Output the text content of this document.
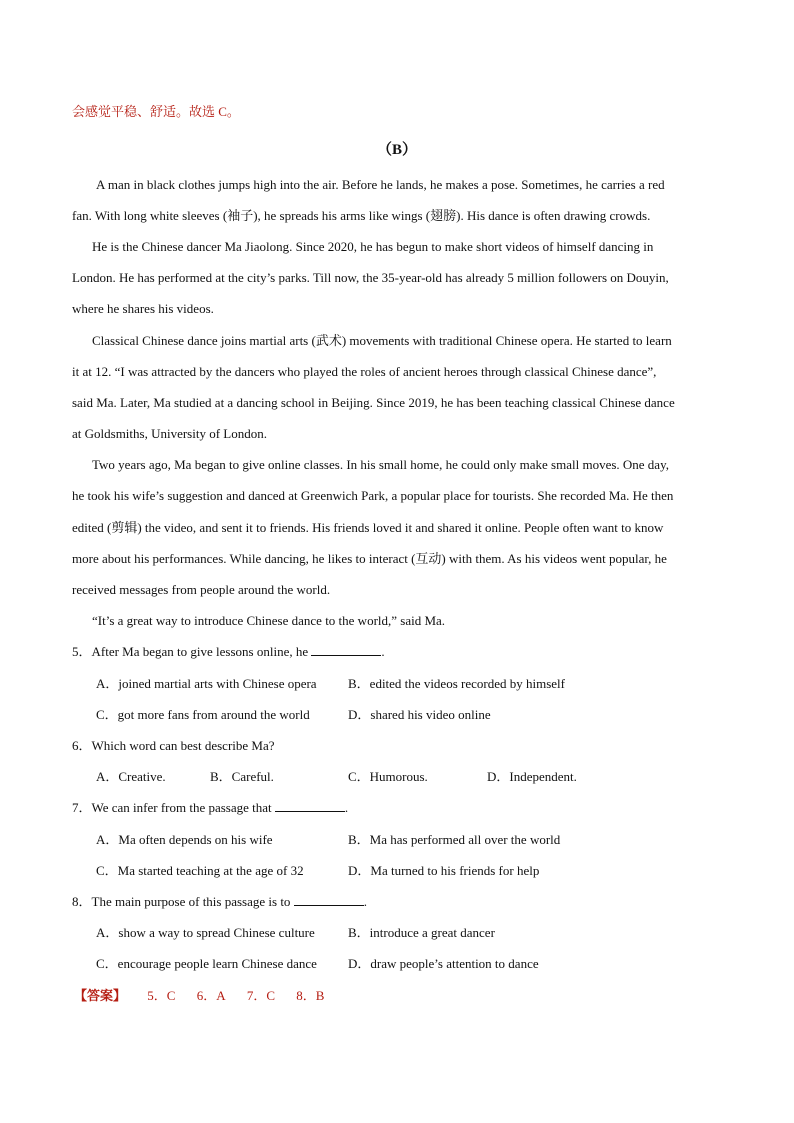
会感觉平稳、舒适。故选 C。
（B）
A man in black clothes jumps high into the air. Before he lands, he makes a pose. Sometimes, he carries a red
fan. With long white sleeves (袖子), he spreads his arms like wings (翅膀). His dance is often drawing crowds.
He is the Chinese dancer Ma Jiaolong. Since 2020, he has begun to make short videos of himself dancing in
London. He has performed at the city’s parks. Till now, the 35-year-old has already 5 million followers on Douyin,
where he shares his videos.
Classical Chinese dance joins martial arts (武术) movements with traditional Chinese opera. He started to learn
it at 12. “I was attracted by the dancers who played the roles of ancient heroes through classical Chinese dance”,
said Ma. Later, Ma studied at a dancing school in Beijing. Since 2019, he has been teaching classical Chinese dance
at Goldsmiths, University of London.
Two years ago, Ma began to give online classes. In his small home, he could only make small moves. One day,
he took his wife’s suggestion and danced at Greenwich Park, a popular place for tourists. She recorded Ma. He then
edited (剪辑) the video, and sent it to friends. His friends loved it and shared it online. People often want to know
more about his performances. While dancing, he likes to interact (互动) with them. As his videos went popular, he
received messages from people around the world.
“It’s a great way to introduce Chinese dance to the world,” said Ma.
5．After Ma began to give lessons online, he	.
A．joined martial arts with Chinese opera B．edited the videos recorded by himself
C．got more fans from around the world	D．shared his video online
6．Which word can best describe Ma?
A．Creative.	B．Careful.	C．Humorous.	D．Independent.
7．We can infer from the passage that	.
A．Ma often depends on his wife	B．Ma has performed all over the world
C．Ma started teaching at the age of 32	D．Ma turned to his friends for help
8．The main purpose of this passage is to	.
A．show a way to spread Chinese culture	B．introduce a great dancer
C．encourage people learn Chinese dance D．draw people’s attention to dance
【答案】 5．C 6．A 7．C 8．B
